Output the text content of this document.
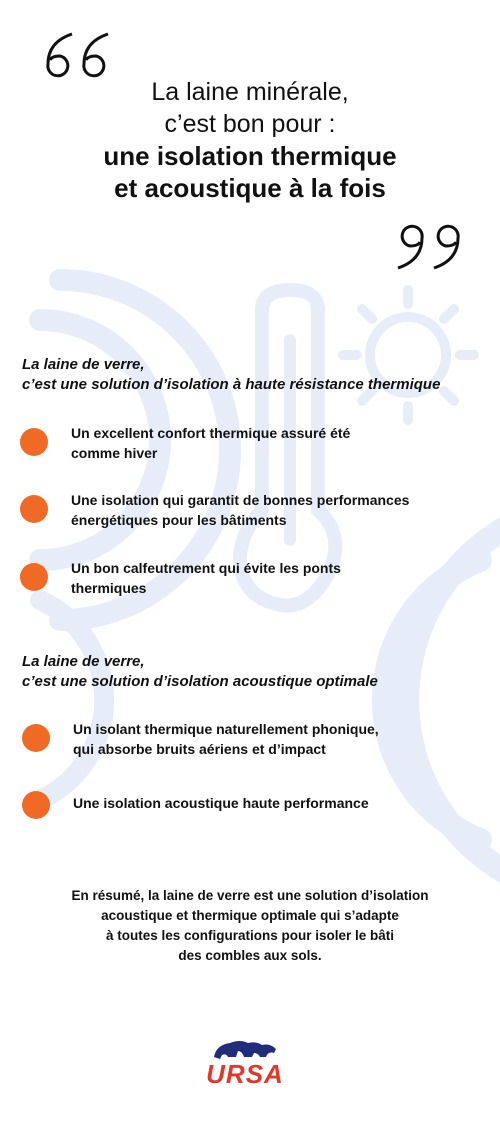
La laine minérale,
c’est bon pour :
une isolation thermique
et acoustique à la fois
La laine de verre,
c’est une solution d’isolation à haute résistance thermique
Un excellent confort thermique assuré été
comme hiver
Une isolation qui garantit de bonnes performances
énergétiques pour les bâtiments
Un bon calfeutrement qui évite les ponts
thermiques
La laine de verre,
c’est une solution d’isolation acoustique optimale
Un isolant thermique naturellement phonique,
qui absorbe bruits aériens et d’impact
Une isolation acoustique haute performance
En résumé, la laine de verre est une solution d’isolation
acoustique et thermique optimale qui s’adapte
à toutes les configurations pour isoler le bâti
des combles aux sols.
URSA
